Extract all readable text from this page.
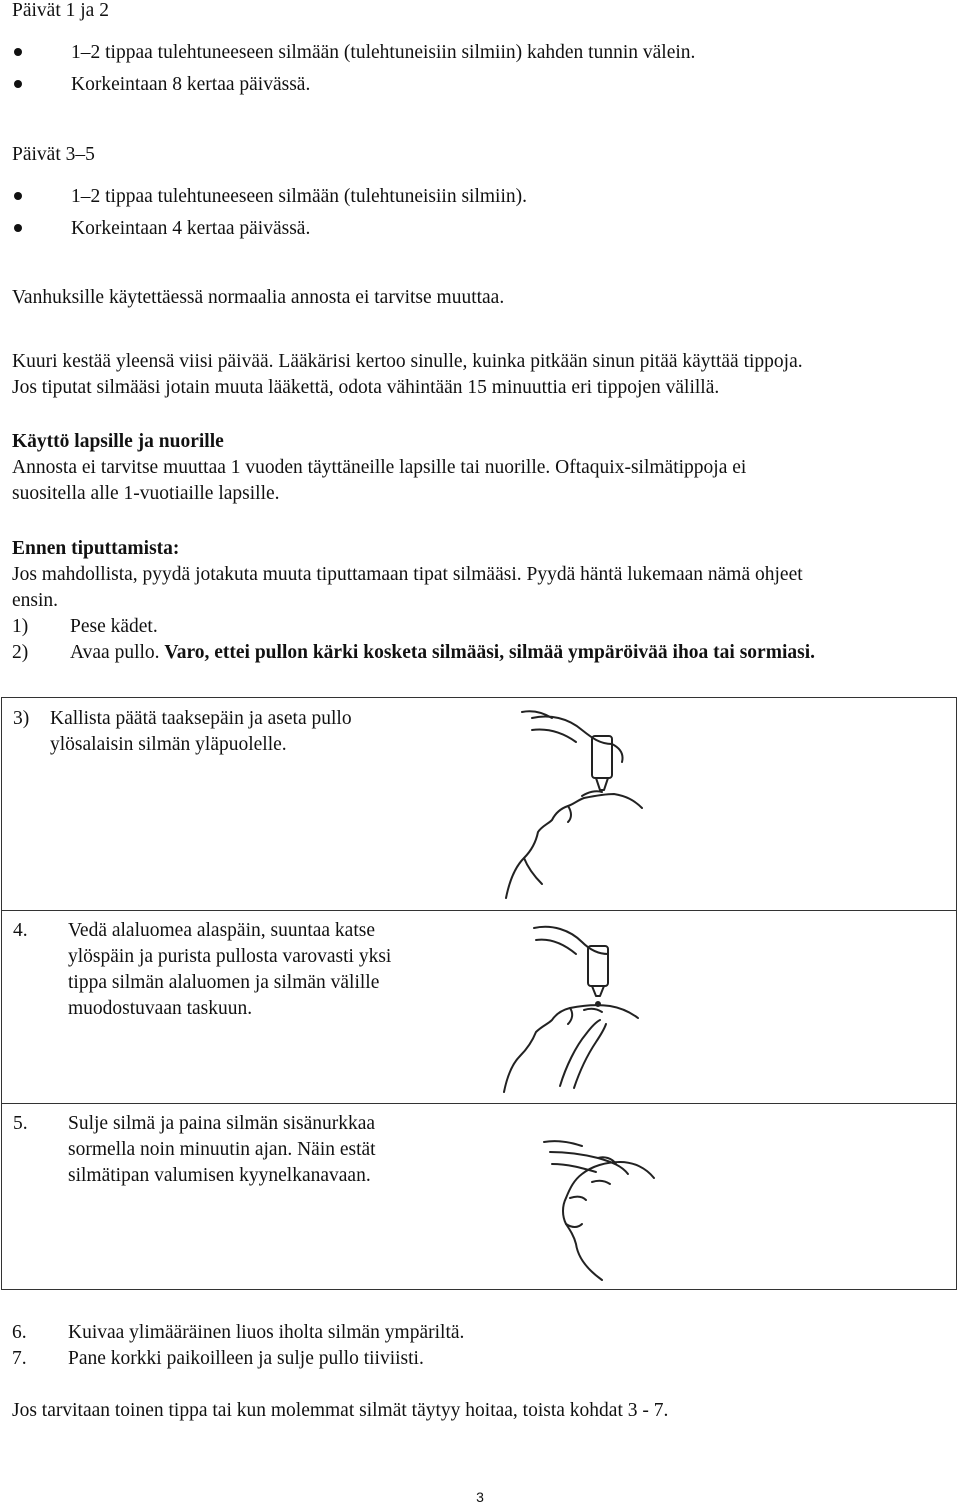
Päivät 1 ja 2
1–2 tippaa tulehtuneeseen silmään (tulehtuneisiin silmiin) kahden tunnin välein.
Korkeintaan 8 kertaa päivässä.
Päivät 3–5
1–2 tippaa tulehtuneeseen silmään (tulehtuneisiin silmiin).
Korkeintaan 4 kertaa päivässä.
Vanhuksille käytettäessä normaalia annosta ei tarvitse muuttaa.
Kuuri kestää yleensä viisi päivää. Lääkärisi kertoo sinulle, kuinka pitkään sinun pitää käyttää tippoja.
Jos tiputat silmääsi jotain muuta lääkettä, odota vähintään 15 minuuttia eri tippojen välillä.
Käyttö lapsille ja nuorille
Annosta ei tarvitse muuttaa 1 vuoden täyttäneille lapsille tai nuorille. Oftaquix-silmätippoja ei
suositella alle 1-vuotiaille lapsille.
Ennen tiputtamista:
Jos mahdollista, pyydä jotakuta muuta tiputtamaan tipat silmääsi. Pyydä häntä lukemaan nämä ohjeet
ensin.
1) Pese kädet.
2) Avaa pullo. Varo, ettei pullon kärki kosketa silmääsi, silmää ympäröivää ihoa tai sormiasi.
3) Kallista päätä taaksepäin ja aseta pullo
ylösalaisin silmän yläpuolelle.
4. Vedä alaluomea alaspäin, suuntaa katse
ylöspäin ja purista pullosta varovasti yksi
tippa silmän alaluomen ja silmän välille
muodostuvaan taskuun.
5. Sulje silmä ja paina silmän sisänurkkaa
sormella noin minuutin ajan. Näin estät
silmätipan valumisen kyynelkanavaan.
6. Kuivaa ylimääräinen liuos iholta silmän ympäriltä.
7. Pane korkki paikoilleen ja sulje pullo tiiviisti.
Jos tarvitaan toinen tippa tai kun molemmat silmät täytyy hoitaa, toista kohdat 3 - 7.
3
